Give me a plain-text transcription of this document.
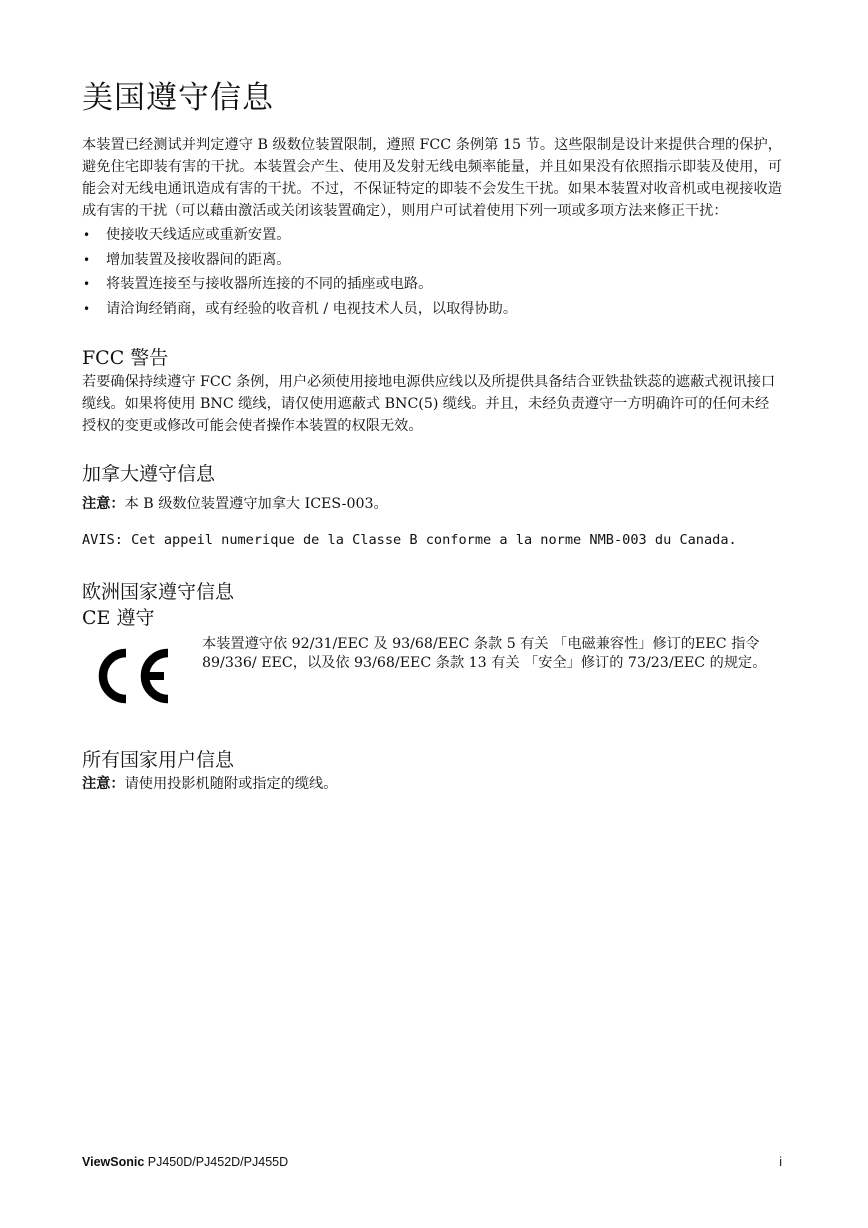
美国遵守信息

本装置已经测试并判定遵守 B 级数位装置限制，遵照 FCC 条例第 15 节。这些限制是设计来提供合理的保护，避免住宅即装有害的干扰。本装置会产生、使用及发射无线电频率能量，并且如果没有依照指示即装及使用，可能会对无线电通讯造成有害的干扰。不过，不保证特定的即装不会发生干扰。如果本装置对收音机或电视接收造成有害的干扰（可以藉由激活或关闭该装置确定），则用户可试着使用下列一项或多项方法来修正干扰：

• 使接收天线适应或重新安置。
• 增加装置及接收器间的距离。
• 将装置连接至与接收器所连接的不同的插座或电路。
• 请洽询经销商，或有经验的收音机 / 电视技术人员，以取得协助。
FCC 警告

若要确保持续遵守 FCC 条例，用户必须使用接地电源供应线以及所提供具备结合亚铁盐铁蕊的遮蔽式视讯接口缆线。如果将使用 BNC 缆线，请仅使用遮蔽式 BNC(5) 缆线。并且，未经负责遵守一方明确许可的任何未经授权的变更或修改可能会使者操作本装置的权限无效。

加拿大遵守信息

注意：本 B 级数位装置遵守加拿大 ICES-003。

AVIS: Cet appeil numerique de la Classe B conforme a la norme NMB-003 du Canada.

欧洲国家遵守信息
CE 遵守

本装置遵守依 92/31/EEC 及 93/68/EEC 条款 5 有关 「电磁兼容性」修订的EEC 指令 89/336/ EEC，以及依 93/68/EEC 条款 13 有关 「安全」修订的 73/23/EEC 的规定。

所有国家用户信息

注意：请使用投影机随附或指定的缆线。

ViewSonic PJ450D/PJ452D/PJ455D	i
